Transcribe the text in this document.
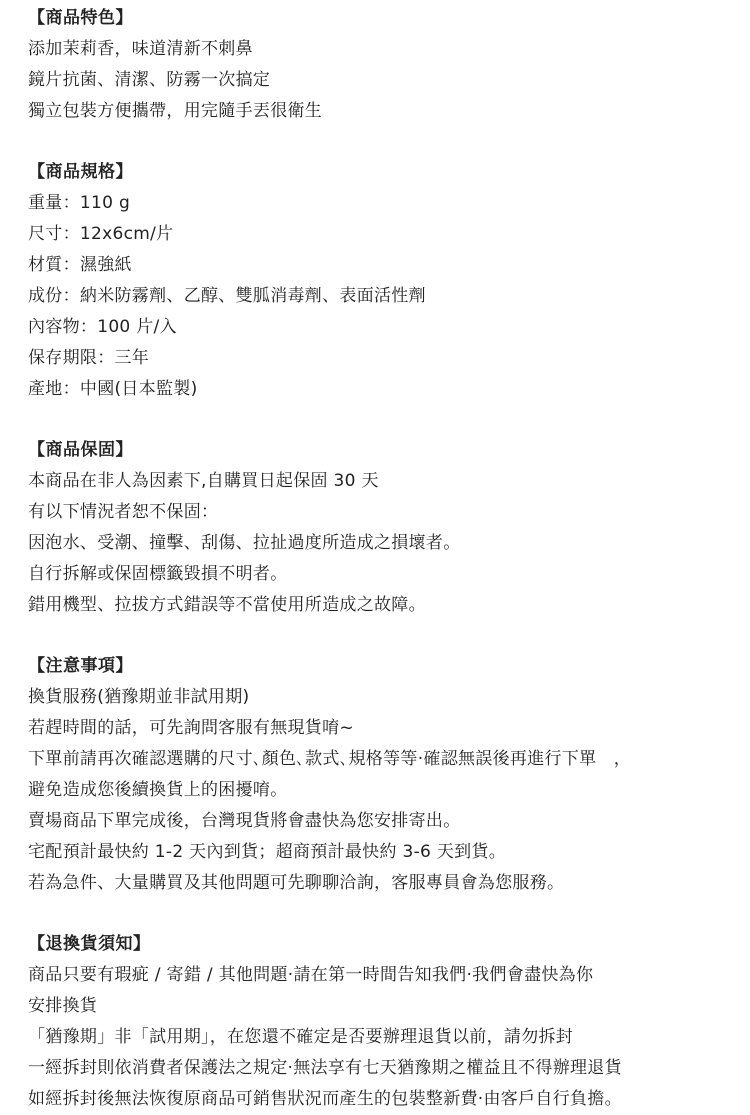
【商品特色】
添加茉莉香，味道清新不刺鼻
鏡片抗菌、清潔、防霧一次搞定
獨立包裝方便攜帶，用完隨手丟很衛生
【商品規格】
重量：110 g
尺寸：12x6cm/片
材質：濕強紙
成份：納米防霧劑、乙醇、雙胍消毒劑、表面活性劑
內容物：100 片/入
保存期限：三年
產地：中國(日本監製)
【商品保固】
本商品在非人為因素下,自購買日起保固 30 天
有以下情況者恕不保固：
因泡水、受潮、撞擊、刮傷、拉扯過度所造成之損壞者。
自行拆解或保固標籤毀損不明者。
錯用機型、拉拔方式錯誤等不當使用所造成之故障。
【注意事項】
換貨服務(猶豫期並非試用期)
若趕時間的話，可先詢問客服有無現貨唷~
下單前請再次確認選購的尺寸､顏色､款式､規格等等‧確認無誤後再進行下單　，
避免造成您後續換貨上的困擾唷。
賣場商品下單完成後，台灣現貨將會盡快為您安排寄出。
宅配預計最快約 1-2 天內到貨；超商預計最快約 3-6 天到貨。
若為急件、大量購買及其他問題可先聊聊洽詢，客服專員會為您服務。
【退換貨須知】
商品只要有瑕疵 / 寄錯 / 其他問題‧請在第一時間告知我們‧我們會盡快為你
安排換貨
「猶豫期」非「試用期」，在您還不確定是否要辦理退貨以前，請勿拆封
一經拆封則依消費者保護法之規定‧無法享有七天猶豫期之權益且不得辦理退貨
如經拆封後無法恢復原商品可銷售狀況而產生的包裝整新費‧由客戶自行負擔。
